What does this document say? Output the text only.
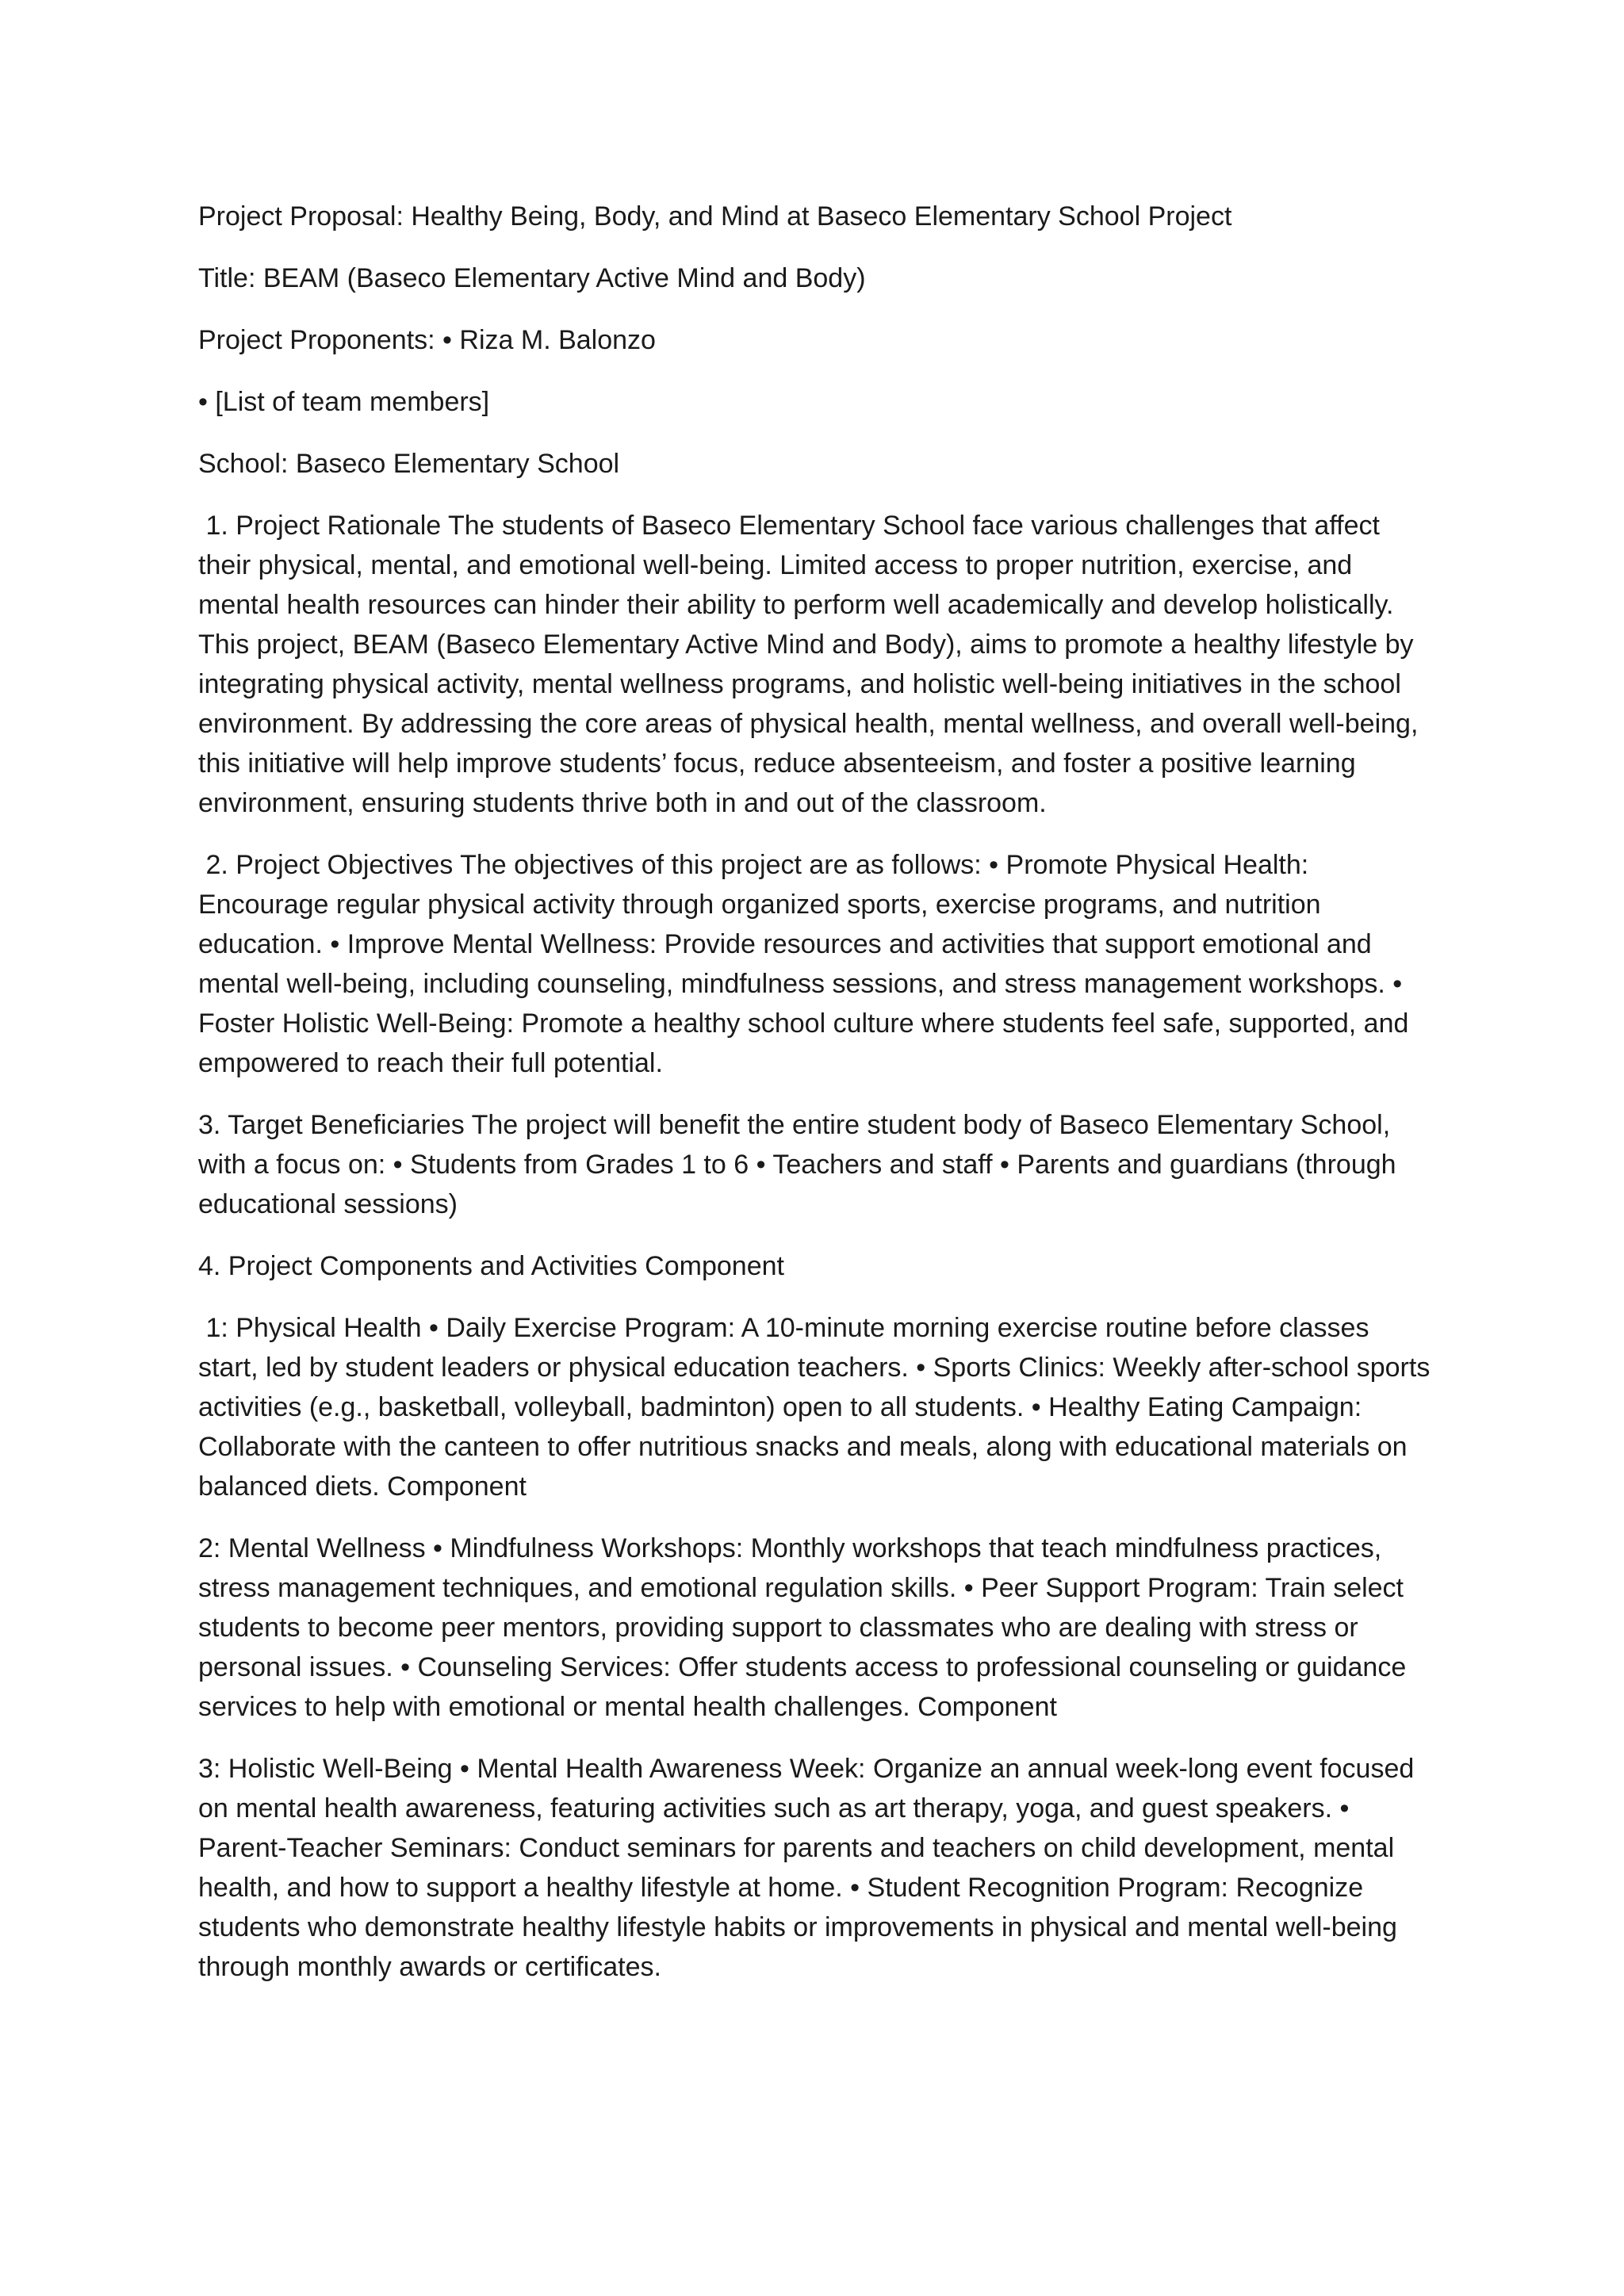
Project Proposal: Healthy Being, Body, and Mind at Baseco Elementary School Project

Title: BEAM (Baseco Elementary Active Mind and Body)

Project Proponents: • Riza M. Balonzo

• [List of team members]

School: Baseco Elementary School

1. Project Rationale The students of Baseco Elementary School face various challenges that affect their physical, mental, and emotional well-being. Limited access to proper nutrition, exercise, and mental health resources can hinder their ability to perform well academically and develop holistically. This project, BEAM (Baseco Elementary Active Mind and Body), aims to promote a healthy lifestyle by integrating physical activity, mental wellness programs, and holistic well-being initiatives in the school environment. By addressing the core areas of physical health, mental wellness, and overall well-being, this initiative will help improve students’ focus, reduce absenteeism, and foster a positive learning environment, ensuring students thrive both in and out of the classroom.

2. Project Objectives The objectives of this project are as follows: • Promote Physical Health: Encourage regular physical activity through organized sports, exercise programs, and nutrition education. • Improve Mental Wellness: Provide resources and activities that support emotional and mental well-being, including counseling, mindfulness sessions, and stress management workshops. • Foster Holistic Well-Being: Promote a healthy school culture where students feel safe, supported, and empowered to reach their full potential.

3. Target Beneficiaries The project will benefit the entire student body of Baseco Elementary School, with a focus on: • Students from Grades 1 to 6 • Teachers and staff • Parents and guardians (through educational sessions)

4. Project Components and Activities Component

1: Physical Health • Daily Exercise Program: A 10-minute morning exercise routine before classes start, led by student leaders or physical education teachers. • Sports Clinics: Weekly after-school sports activities (e.g., basketball, volleyball, badminton) open to all students. • Healthy Eating Campaign: Collaborate with the canteen to offer nutritious snacks and meals, along with educational materials on balanced diets. Component

2: Mental Wellness • Mindfulness Workshops: Monthly workshops that teach mindfulness practices, stress management techniques, and emotional regulation skills. • Peer Support Program: Train select students to become peer mentors, providing support to classmates who are dealing with stress or personal issues. • Counseling Services: Offer students access to professional counseling or guidance services to help with emotional or mental health challenges. Component

3: Holistic Well-Being • Mental Health Awareness Week: Organize an annual week-long event focused on mental health awareness, featuring activities such as art therapy, yoga, and guest speakers. • Parent-Teacher Seminars: Conduct seminars for parents and teachers on child development, mental health, and how to support a healthy lifestyle at home. • Student Recognition Program: Recognize students who demonstrate healthy lifestyle habits or improvements in physical and mental well-being through monthly awards or certificates.
